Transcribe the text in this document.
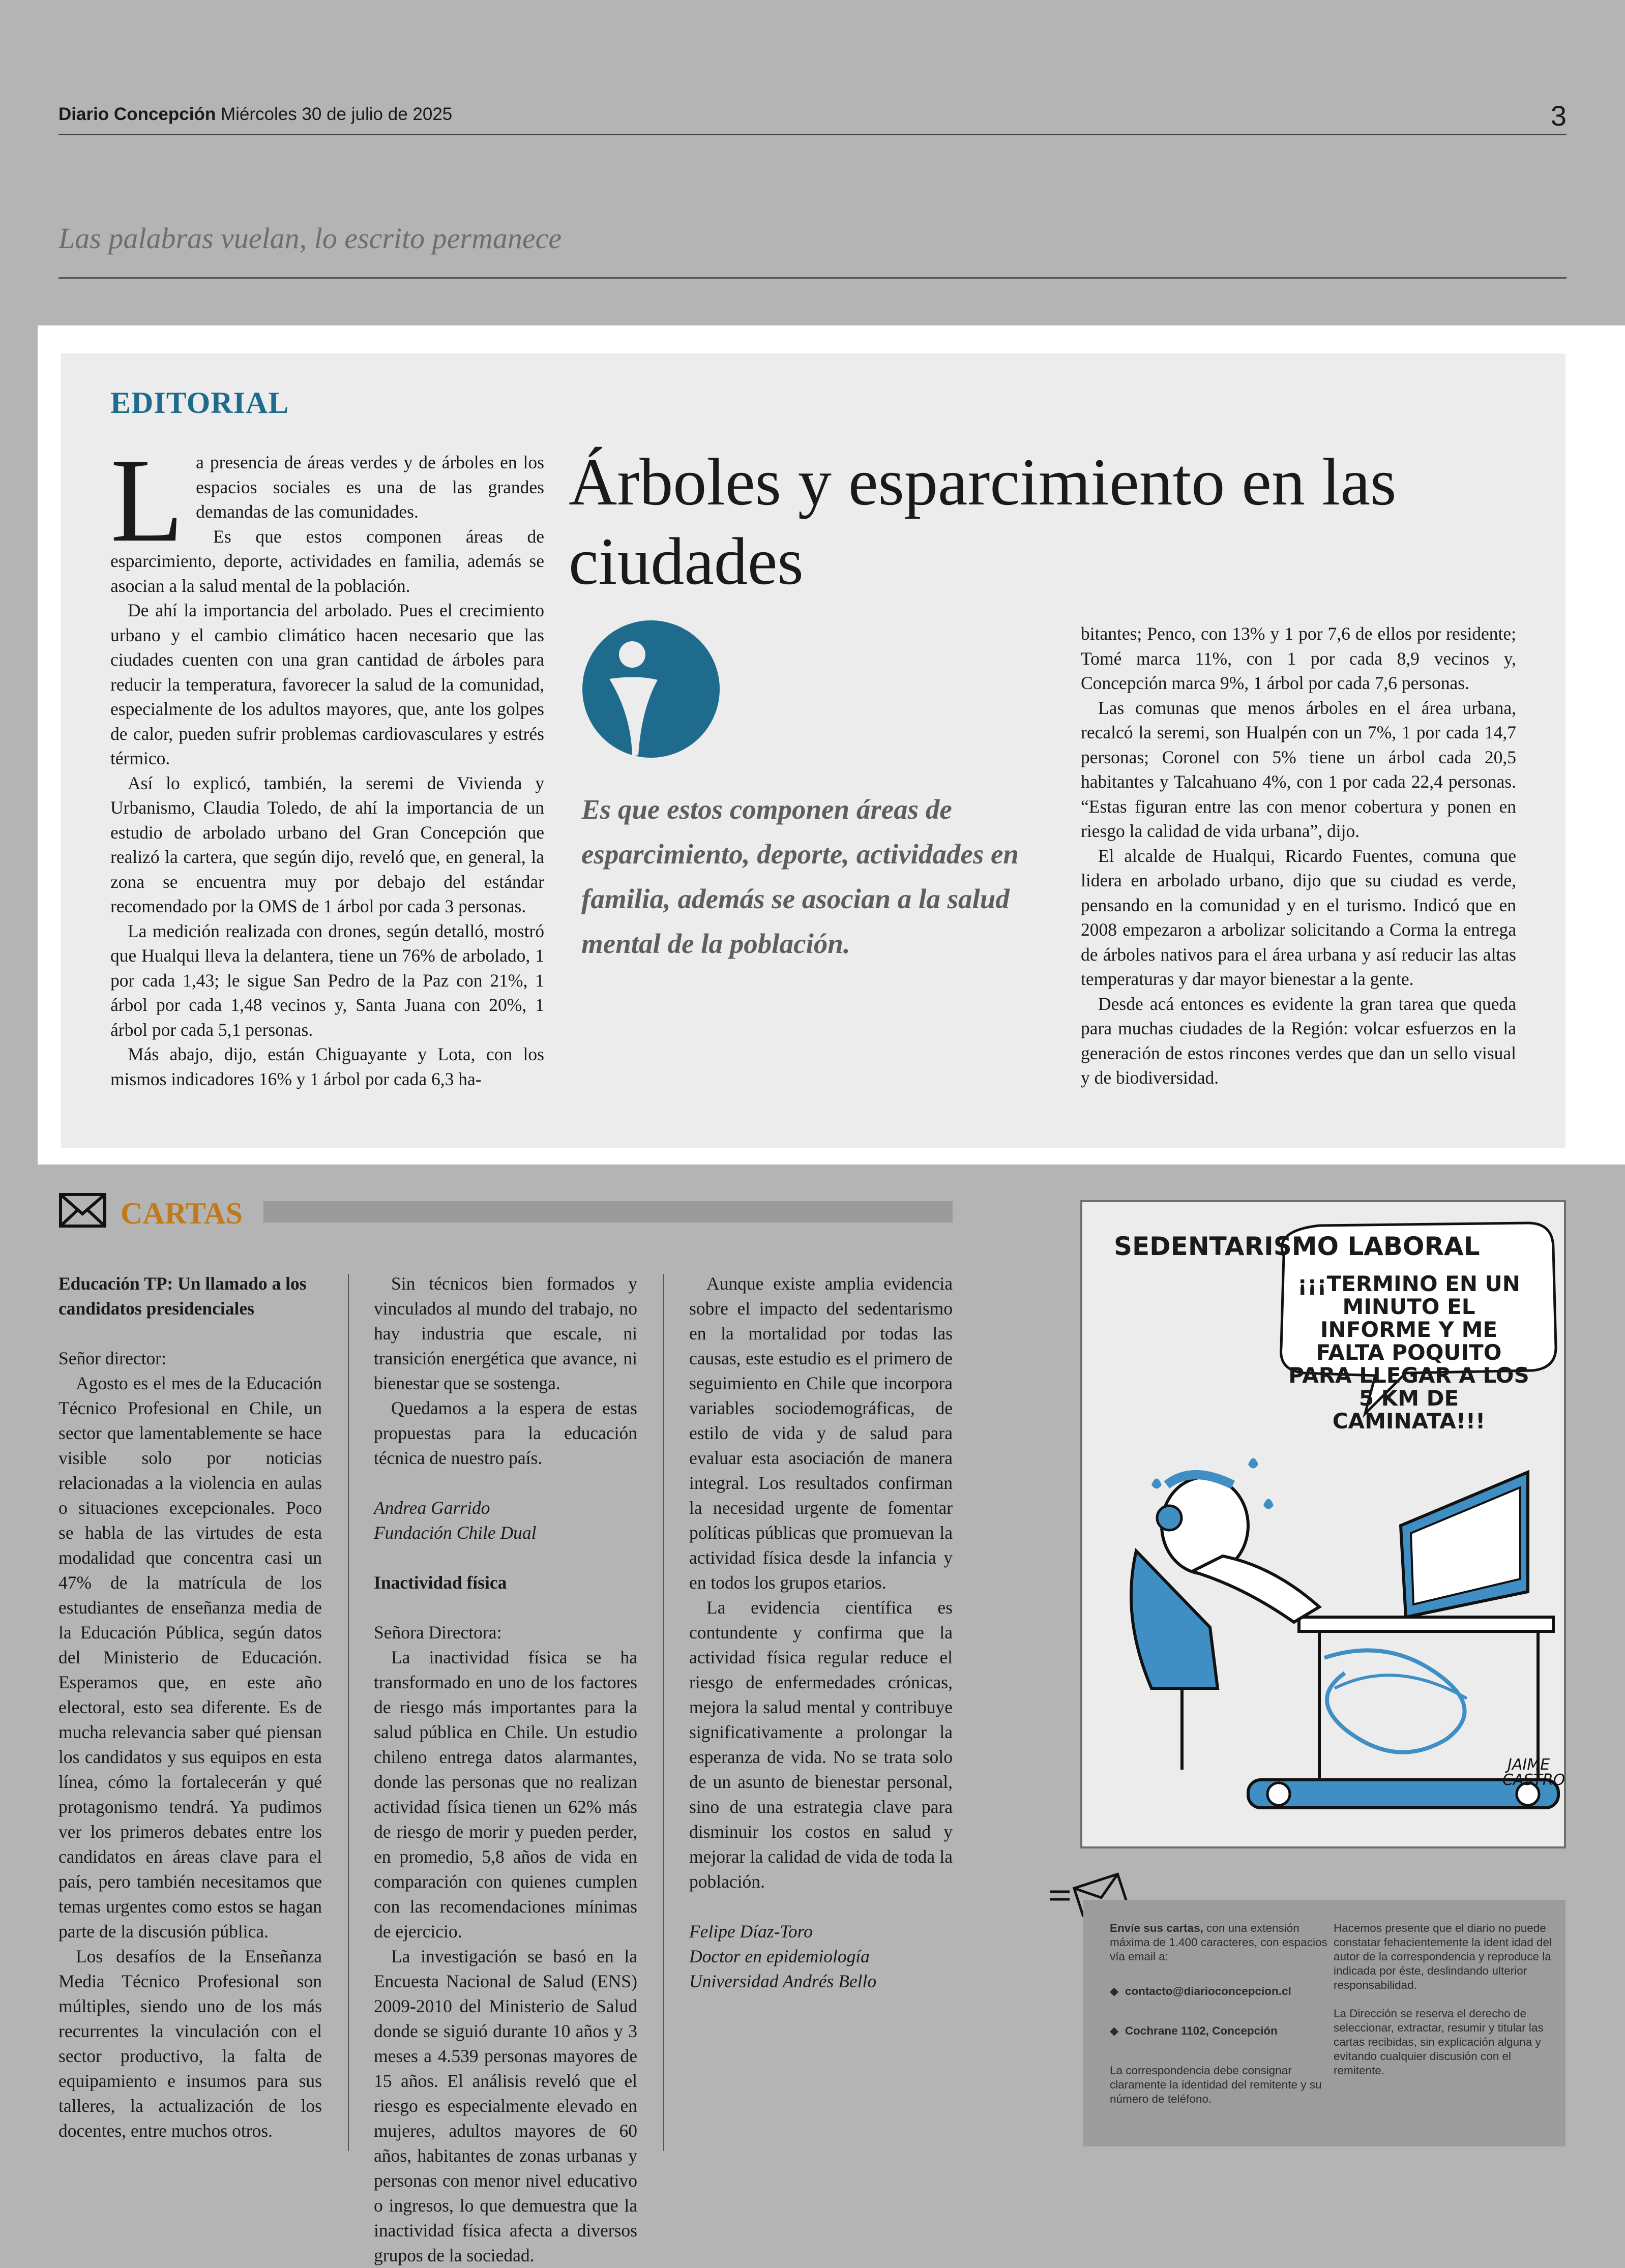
Diario Concepción Miércoles 30 de julio de 2025	3
Las palabras vuelan, lo escrito permanece
EDITORIAL
L a presencia de áreas verdes y de árboles en los espacios sociales es una de las grandes demandas de las comunidades.

Es que estos componen áreas de esparcimiento, deporte, actividades en familia, además se asocian a la salud mental de la población.

De ahí la importancia del arbolado. Pues el crecimiento urbano y el cambio climático hacen necesario que las ciudades cuenten con una gran cantidad de árboles para reducir la temperatura, favorecer la salud de la comunidad, especialmente de los adultos mayores, que, ante los golpes de calor, pueden sufrir problemas cardiovasculares y estrés térmico.

Así lo explicó, también, la seremi de Vivienda y Urbanismo, Claudia Toledo, de ahí la importancia de un estudio de arbolado urbano del Gran Concepción que realizó la cartera, que según dijo, reveló que, en general, la zona se encuentra muy por debajo del estándar recomendado por la OMS de 1 árbol por cada 3 personas.

La medición realizada con drones, según detalló, mostró que Hualqui lleva la delantera, tiene un 76% de arbolado, 1 por cada 1,43; le sigue San Pedro de la Paz con 21%, 1 árbol por cada 1,48 vecinos y, Santa Juana con 20%, 1 árbol por cada 5,1 personas.

Más abajo, dijo, están Chiguayante y Lota, con los mismos indicadores 16% y 1 árbol por cada 6,3 ha-

Árboles y esparcimiento en las ciudades
Es que estos componen áreas de esparcimiento, deporte, actividades en familia, además se asocian a la salud mental de la población.

bitantes; Penco, con 13% y 1 por 7,6 de ellos por residente; Tomé marca 11%, con 1 por cada 8,9 vecinos y, Concepción marca 9%, 1 árbol por cada 7,6 personas.

Las comunas que menos árboles en el área urbana, recalcó la seremi, son Hualpén con un 7%, 1 por cada 14,7 personas; Coronel con 5% tiene un árbol cada 20,5 habitantes y Talcahuano 4%, con 1 por cada 22,4 personas. “Estas figuran entre las con menor cobertura y ponen en riesgo la calidad de vida urbana”, dijo.

El alcalde de Hualqui, Ricardo Fuentes, comuna que lidera en arbolado urbano, dijo que su ciudad es verde, pensando en la comunidad y en el turismo. Indicó que en 2008 empezaron a arbolizar solicitando a Corma la entrega de árboles nativos para el área urbana y así reducir las altas temperaturas y dar mayor bienestar a la gente.

Desde acá entonces es evidente la gran tarea que queda para muchas ciudades de la Región: volcar esfuerzos en la generación de estos rincones verdes que dan un sello visual y de biodiversidad.

CARTAS

Educación TP: Un llamado a los candidatos presidenciales

Señor director:

Agosto es el mes de la Educación Técnico Profesional en Chile, un sector que lamentablemente se hace visible solo por noticias relacionadas a la violencia en aulas o situaciones excepcionales. Poco se habla de las virtudes de esta modalidad que concentra casi un 47% de la matrícula de los estudiantes de enseñanza media de la Educación Pública, según datos del Ministerio de Educación. Esperamos que, en este año electoral, esto sea diferente. Es de mucha relevancia saber qué piensan los candidatos y sus equipos en esta línea, cómo la fortalecerán y qué protagonismo tendrá. Ya pudimos ver los primeros debates entre los candidatos en áreas clave para el país, pero también necesitamos que temas urgentes como estos se hagan parte de la discusión pública.

Los desafíos de la Enseñanza Media Técnico Profesional son múltiples, siendo uno de los más recurrentes la vinculación con el sector productivo, la falta de equipamiento e insumos para sus talleres, la actualización de los docentes, entre muchos otros.

Sin técnicos bien formados y vinculados al mundo del trabajo, no hay industria que escale, ni transición energética que avance, ni bienestar que se sostenga.

Quedamos a la espera de estas propuestas para la educación técnica de nuestro país.

Andrea Garrido

Fundación Chile Dual

Inactividad física

Señora Directora:

La inactividad física se ha transformado en uno de los factores de riesgo más importantes para la salud pública en Chile. Un estudio chileno entrega datos alarmantes, donde las personas que no realizan actividad física tienen un 62% más de riesgo de morir y pueden perder, en promedio, 5,8 años de vida en comparación con quienes cumplen con las recomendaciones mínimas de ejercicio.

La investigación se basó en la Encuesta Nacional de Salud (ENS) 2009-2010 del Ministerio de Salud donde se siguió durante 10 años y 3 meses a 4.539 personas mayores de 15 años. El análisis reveló que el riesgo es especialmente elevado en mujeres, adultos mayores de 60 años, habitantes de zonas urbanas y personas con menor nivel educativo o ingresos, lo que demuestra que la inactividad física afecta a diversos grupos de la sociedad.

Aunque existe amplia evidencia sobre el impacto del sedentarismo en la mortalidad por todas las causas, este estudio es el primero de seguimiento en Chile que incorpora variables sociodemográficas, de estilo de vida y de salud para evaluar esta asociación de manera integral. Los resultados confirman la necesidad urgente de fomentar políticas públicas que promuevan la actividad física desde la infancia y en todos los grupos etarios.

La evidencia científica es contundente y confirma que la actividad física regular reduce el riesgo de enfermedades crónicas, mejora la salud mental y contribuye significativamente a prolongar la esperanza de vida. No se trata solo de un asunto de bienestar personal, sino de una estrategia clave para disminuir los costos en salud y mejorar la calidad de vida de toda la población.

Felipe Díaz-Toro

Doctor en epidemiología

Universidad Andrés Bello

JAIME
CASTRO
SEDENTARISMO LABORAL
¡¡¡TERMINO EN UN MINUTO EL INFORME Y ME FALTA POQUITO PARA LLEGAR A LOS 5 KM DE CAMINATA!!!
Envíe sus cartas, con una extensión máxima de 1.400 caracteres, con espacios vía email a:
◆  contacto@diarioconcepcion.cl
◆  Cochrane 1102, Concepción
La correspondencia debe consignar claramente la identidad del remitente y su número de teléfono.
Hacemos presente que el diario no puede constatar fehacientemente la ident idad del autor de la correspondencia y reproduce la indicada por éste, deslindando ulterior responsabilidad.
La Dirección se reserva el derecho de seleccionar, extractar, resumir y titular las cartas recibidas, sin explicación alguna y evitando cualquier discusión con el remitente.
